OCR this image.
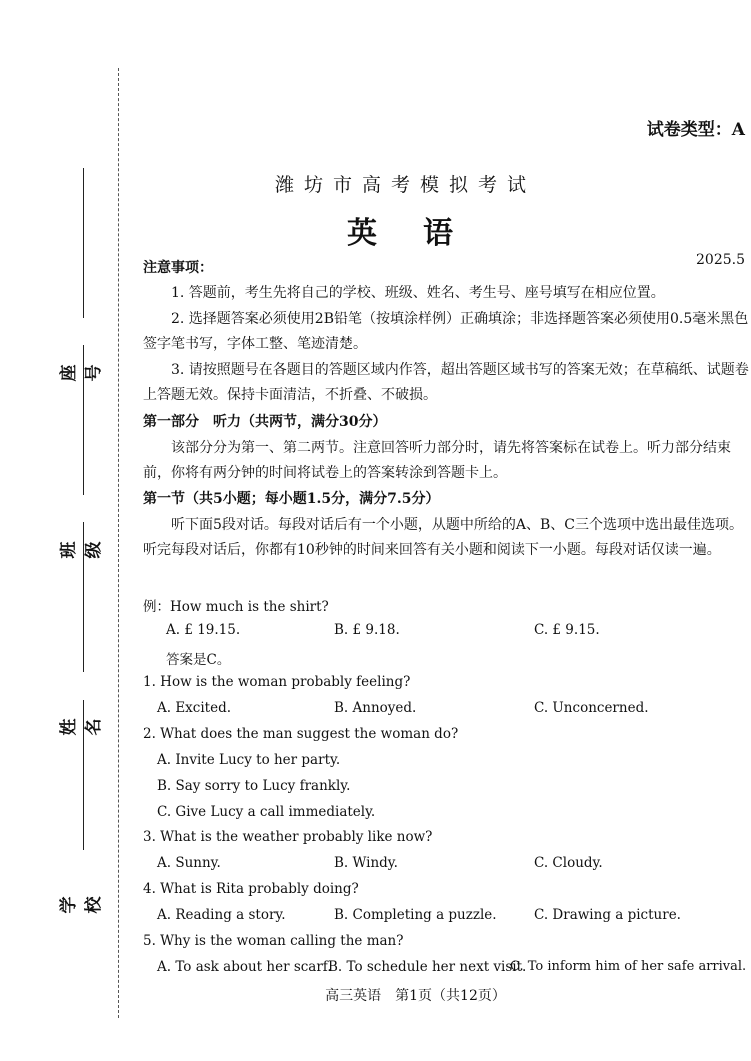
座号
班级
姓名
学校
试卷类型：A
潍坊市高考模拟考试
英语
2025.5
注意事项：
1. 答题前，考生先将自己的学校、班级、姓名、考生号、座号填写在相应位置。
2. 选择题答案必须使用2B铅笔（按填涂样例）正确填涂；非选择题答案必须使用0.5毫米黑色签字笔书写，字体工整、笔迹清楚。
3. 请按照题号在各题目的答题区域内作答，超出答题区域书写的答案无效；在草稿纸、试题卷上答题无效。保持卡面清洁，不折叠、不破损。
第一部分　听力（共两节，满分30分）
该部分分为第一、第二两节。注意回答听力部分时，请先将答案标在试卷上。听力部分结束前，你将有两分钟的时间将试卷上的答案转涂到答题卡上。
第一节（共5小题；每小题1.5分，满分7.5分）
听下面5段对话。每段对话后有一个小题，从题中所给的A、B、C三个选项中选出最佳选项。听完每段对话后，你都有10秒钟的时间来回答有关小题和阅读下一小题。每段对话仅读一遍。
例：How much is the shirt?
A. £ 19.15.	B. £ 9.18.	C. £ 9.15.
答案是C。
1. How is the woman probably feeling?
A. Excited.	B. Annoyed.	C. Unconcerned.
2. What does the man suggest the woman do?
A. Invite Lucy to her party.
B. Say sorry to Lucy frankly.
C. Give Lucy a call immediately.
3. What is the weather probably like now?
A. Sunny.	B. Windy.	C. Cloudy.
4. What is Rita probably doing?
A. Reading a story.	B. Completing a puzzle.	C. Drawing a picture.
5. Why is the woman calling the man?
A. To ask about her scarf.
B. To schedule her next visit.
C. To inform him of her safe arrival.
高三英语　第1页（共12页）
